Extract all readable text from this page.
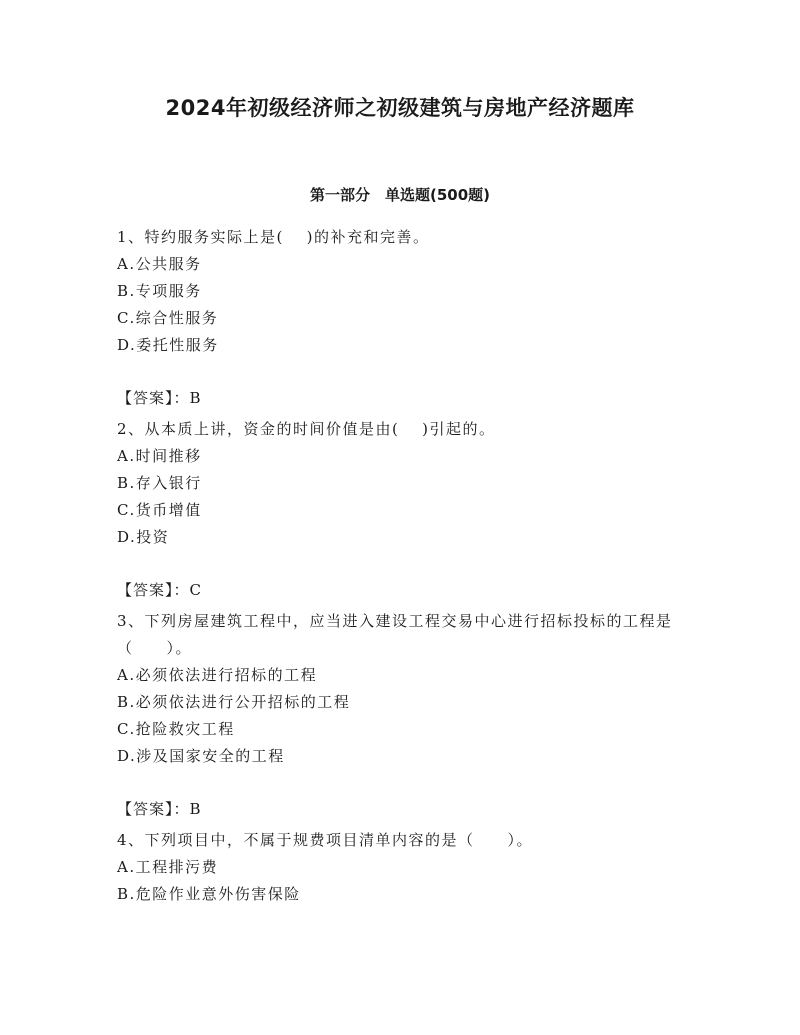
2024年初级经济师之初级建筑与房地产经济题库
第一部分　单选题(500题)

1、特约服务实际上是(　 )的补充和完善。

A.公共服务

B.专项服务

C.综合性服务

D.委托性服务

【答案】：B

2、从本质上讲，资金的时间价值是由(　 )引起的。

A.时间推移

B.存入银行

C.货币增值

D.投资

【答案】：C

3、下列房屋建筑工程中，应当进入建设工程交易中心进行招标投标的工程是（　　）。

A.必须依法进行招标的工程

B.必须依法进行公开招标的工程

C.抢险救灾工程

D.涉及国家安全的工程

【答案】：B

4、下列项目中，不属于规费项目清单内容的是（　　）。

A.工程排污费

B.危险作业意外伤害保险
